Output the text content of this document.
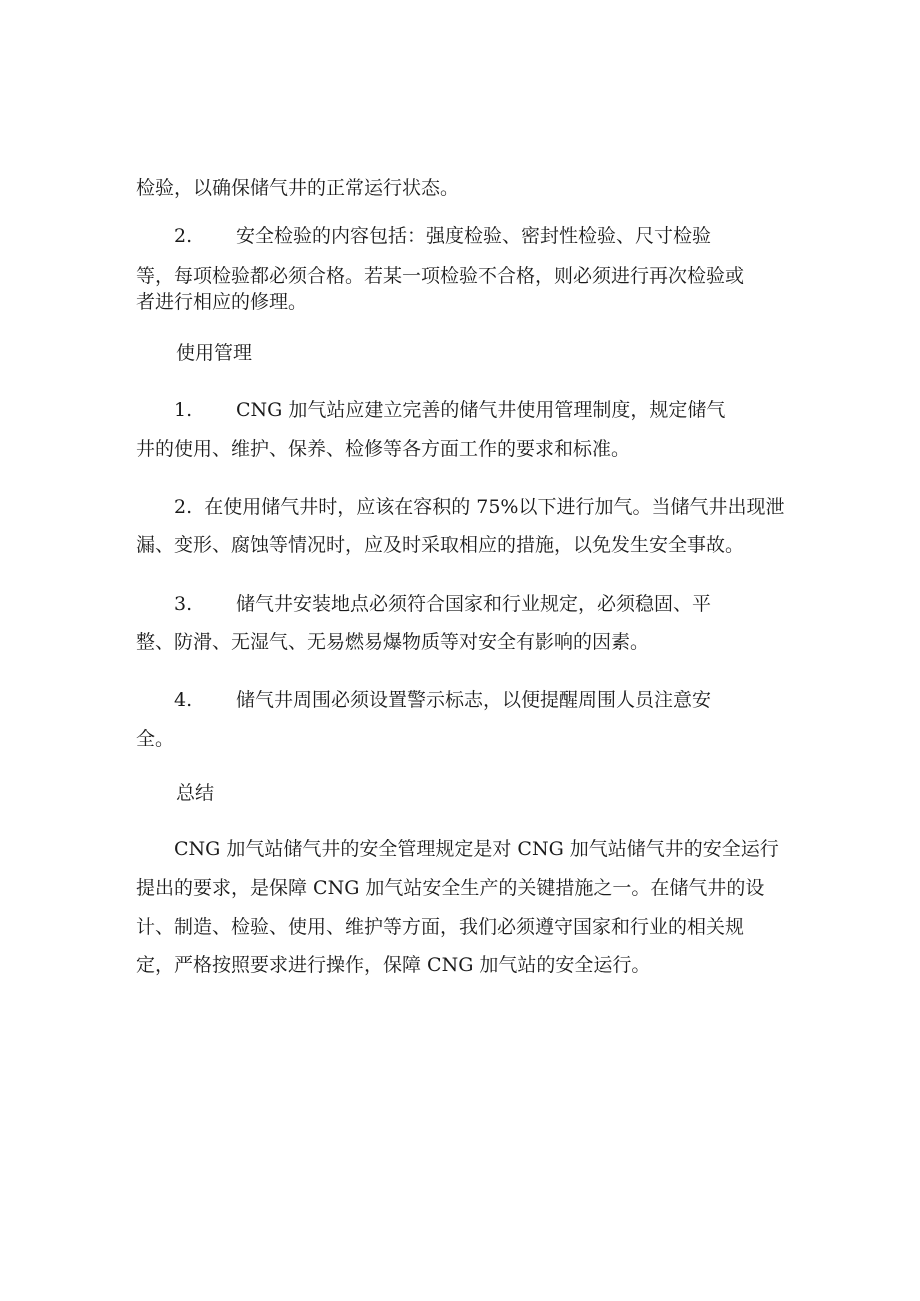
检验，以确保储气井的正常运行状态。
2. 安全检验的内容包括：强度检验、密封性检验、尺寸检验
等，每项检验都必须合格。若某一项检验不合格，则必须进行再次检验或
者进行相应的修理。
使用管理
1. CNG 加气站应建立完善的储气井使用管理制度，规定储气
井的使用、维护、保养、检修等各方面工作的要求和标准。
2.  在使用储气井时，应该在容积的 75%以下进行加气。当储气井出现泄
漏、变形、腐蚀等情况时，应及时采取相应的措施，以免发生安全事故。
3. 储气井安装地点必须符合国家和行业规定，必须稳固、平
整、防滑、无湿气、无易燃易爆物质等对安全有影响的因素。
4. 储气井周围必须设置警示标志，以便提醒周围人员注意安
全。
总结
CNG 加气站储气井的安全管理规定是对 CNG 加气站储气井的安全运行
提出的要求，是保障 CNG 加气站安全生产的关键措施之一。在储气井的设
计、制造、检验、使用、维护等方面，我们必须遵守国家和行业的相关规
定，严格按照要求进行操作，保障 CNG 加气站的安全运行。
